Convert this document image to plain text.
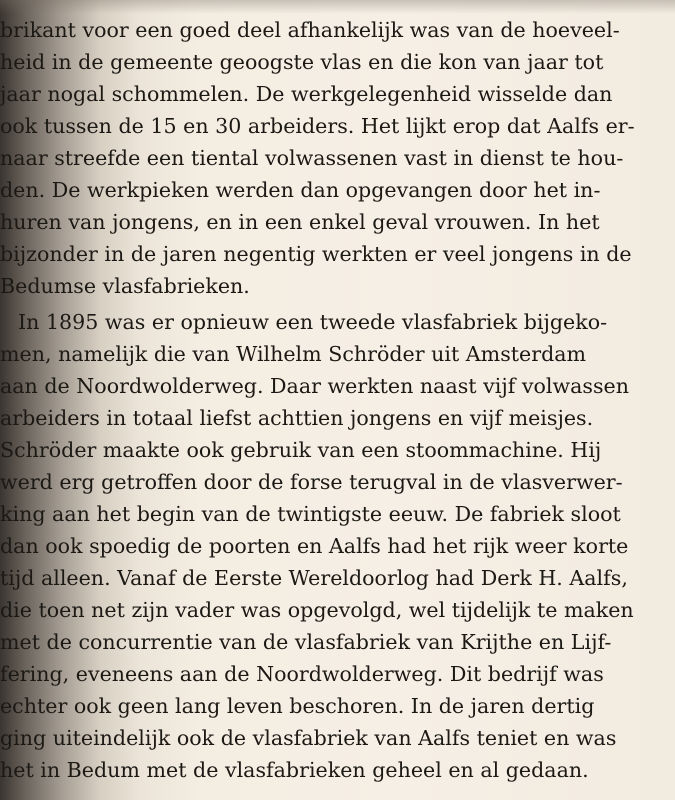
brikant voor een goed deel afhankelijk was van de hoeveel-
heid in de gemeente geoogste vlas en die kon van jaar tot
jaar nogal schommelen. De werkgelegenheid wisselde dan
ook tussen de 15 en 30 arbeiders. Het lijkt erop dat Aalfs er-
naar streefde een tiental volwassenen vast in dienst te hou-
den. De werkpieken werden dan opgevangen door het in-
huren van jongens, en in een enkel geval vrouwen. In het
bijzonder in de jaren negentig werkten er veel jongens in de
Bedumse vlasfabrieken.
In 1895 was er opnieuw een tweede vlasfabriek bijgeko-
men, namelijk die van Wilhelm Schröder uit Amsterdam
aan de Noordwolderweg. Daar werkten naast vijf volwassen
arbeiders in totaal liefst achttien jongens en vijf meisjes.
Schröder maakte ook gebruik van een stoommachine. Hij
werd erg getroffen door de forse terugval in de vlasverwer-
king aan het begin van de twintigste eeuw. De fabriek sloot
dan ook spoedig de poorten en Aalfs had het rijk weer korte
tijd alleen. Vanaf de Eerste Wereldoorlog had Derk H. Aalfs,
die toen net zijn vader was opgevolgd, wel tijdelijk te maken
met de concurrentie van de vlasfabriek van Krijthe en Lijf-
fering, eveneens aan de Noordwolderweg. Dit bedrijf was
echter ook geen lang leven beschoren. In de jaren dertig
ging uiteindelijk ook de vlasfabriek van Aalfs teniet en was
het in Bedum met de vlasfabrieken geheel en al gedaan.
